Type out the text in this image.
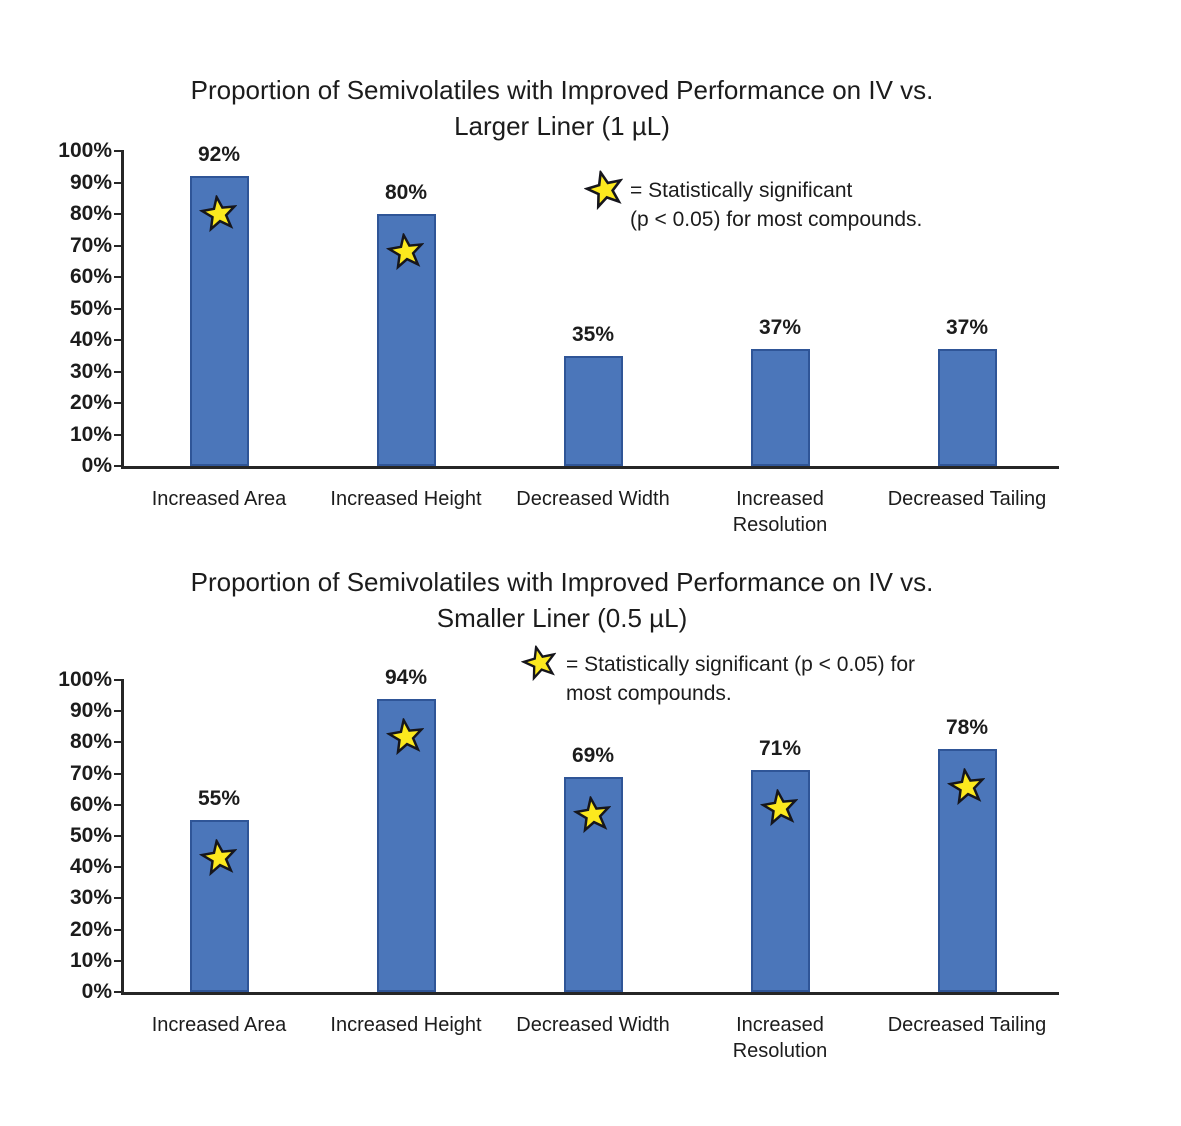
Proportion of Semivolatiles with Improved Performance on IV vs.
Larger Liner (1 µL)
0%
10%
20%
30%
40%
50%
60%
70%
80%
90%
100%	92%
Increased Area
80%
Increased Height
35%
Decreased Width
37%
Increased Resolution
37%
Decreased Tailing
= Statistically significant
(p < 0.05) for most compounds.
Proportion of Semivolatiles with Improved Performance on IV vs.
Smaller Liner (0.5 µL)
0%
10%
20%
30%
40%
50%
60%
70%
80%
90%
100%
55%
Increased Area
94%
Increased Height
69%
Decreased Width
71%
Increased Resolution
78%
Decreased Tailing
= Statistically significant (p < 0.05) for
most compounds.
